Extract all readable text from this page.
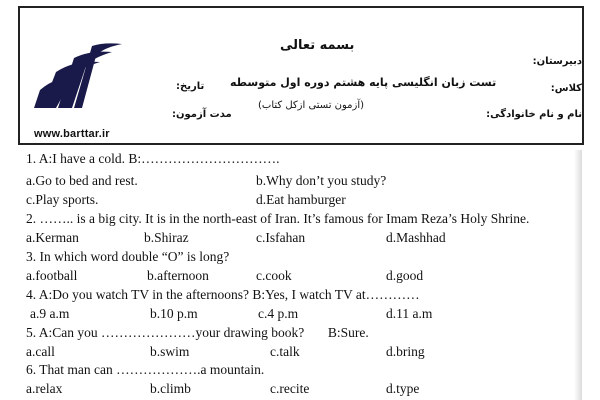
www.barttar.ir
بسمه تعالی
تست زبان انگلیسی پایه هشتم دوره اول متوسطه
(آزمون تستی ازکل کتاب)
دبیرستان:
کلاس:
نام و نام خانوادگی:
تاریخ:
مدت آزمون:
1. A:I have a cold. B:………………………….
a.Go to bed and rest.	b.Why don’t you study?
c.Play sports.	d.Eat hamburger
2. …….. is a big city. It is in the north-east of Iran. It’s famous for Imam Reza’s Holy Shrine.
a.Kerman	b.Shiraz	c.Isfahan	d.Mashhad
3. In which word double “O” is long?
a.football	b.afternoon	c.cook	d.good
4. A:Do you watch TV in the afternoons? B:Yes, I watch TV at…………
a.9 a.m	b.10 p.m	c.4 p.m	d.11 a.m
5. A:Can you …………………your drawing book?       B:Sure.
a.call	b.swim	c.talk	d.bring
6. That man can ……………….a mountain.
a.relax	b.climb	c.recite	d.type
